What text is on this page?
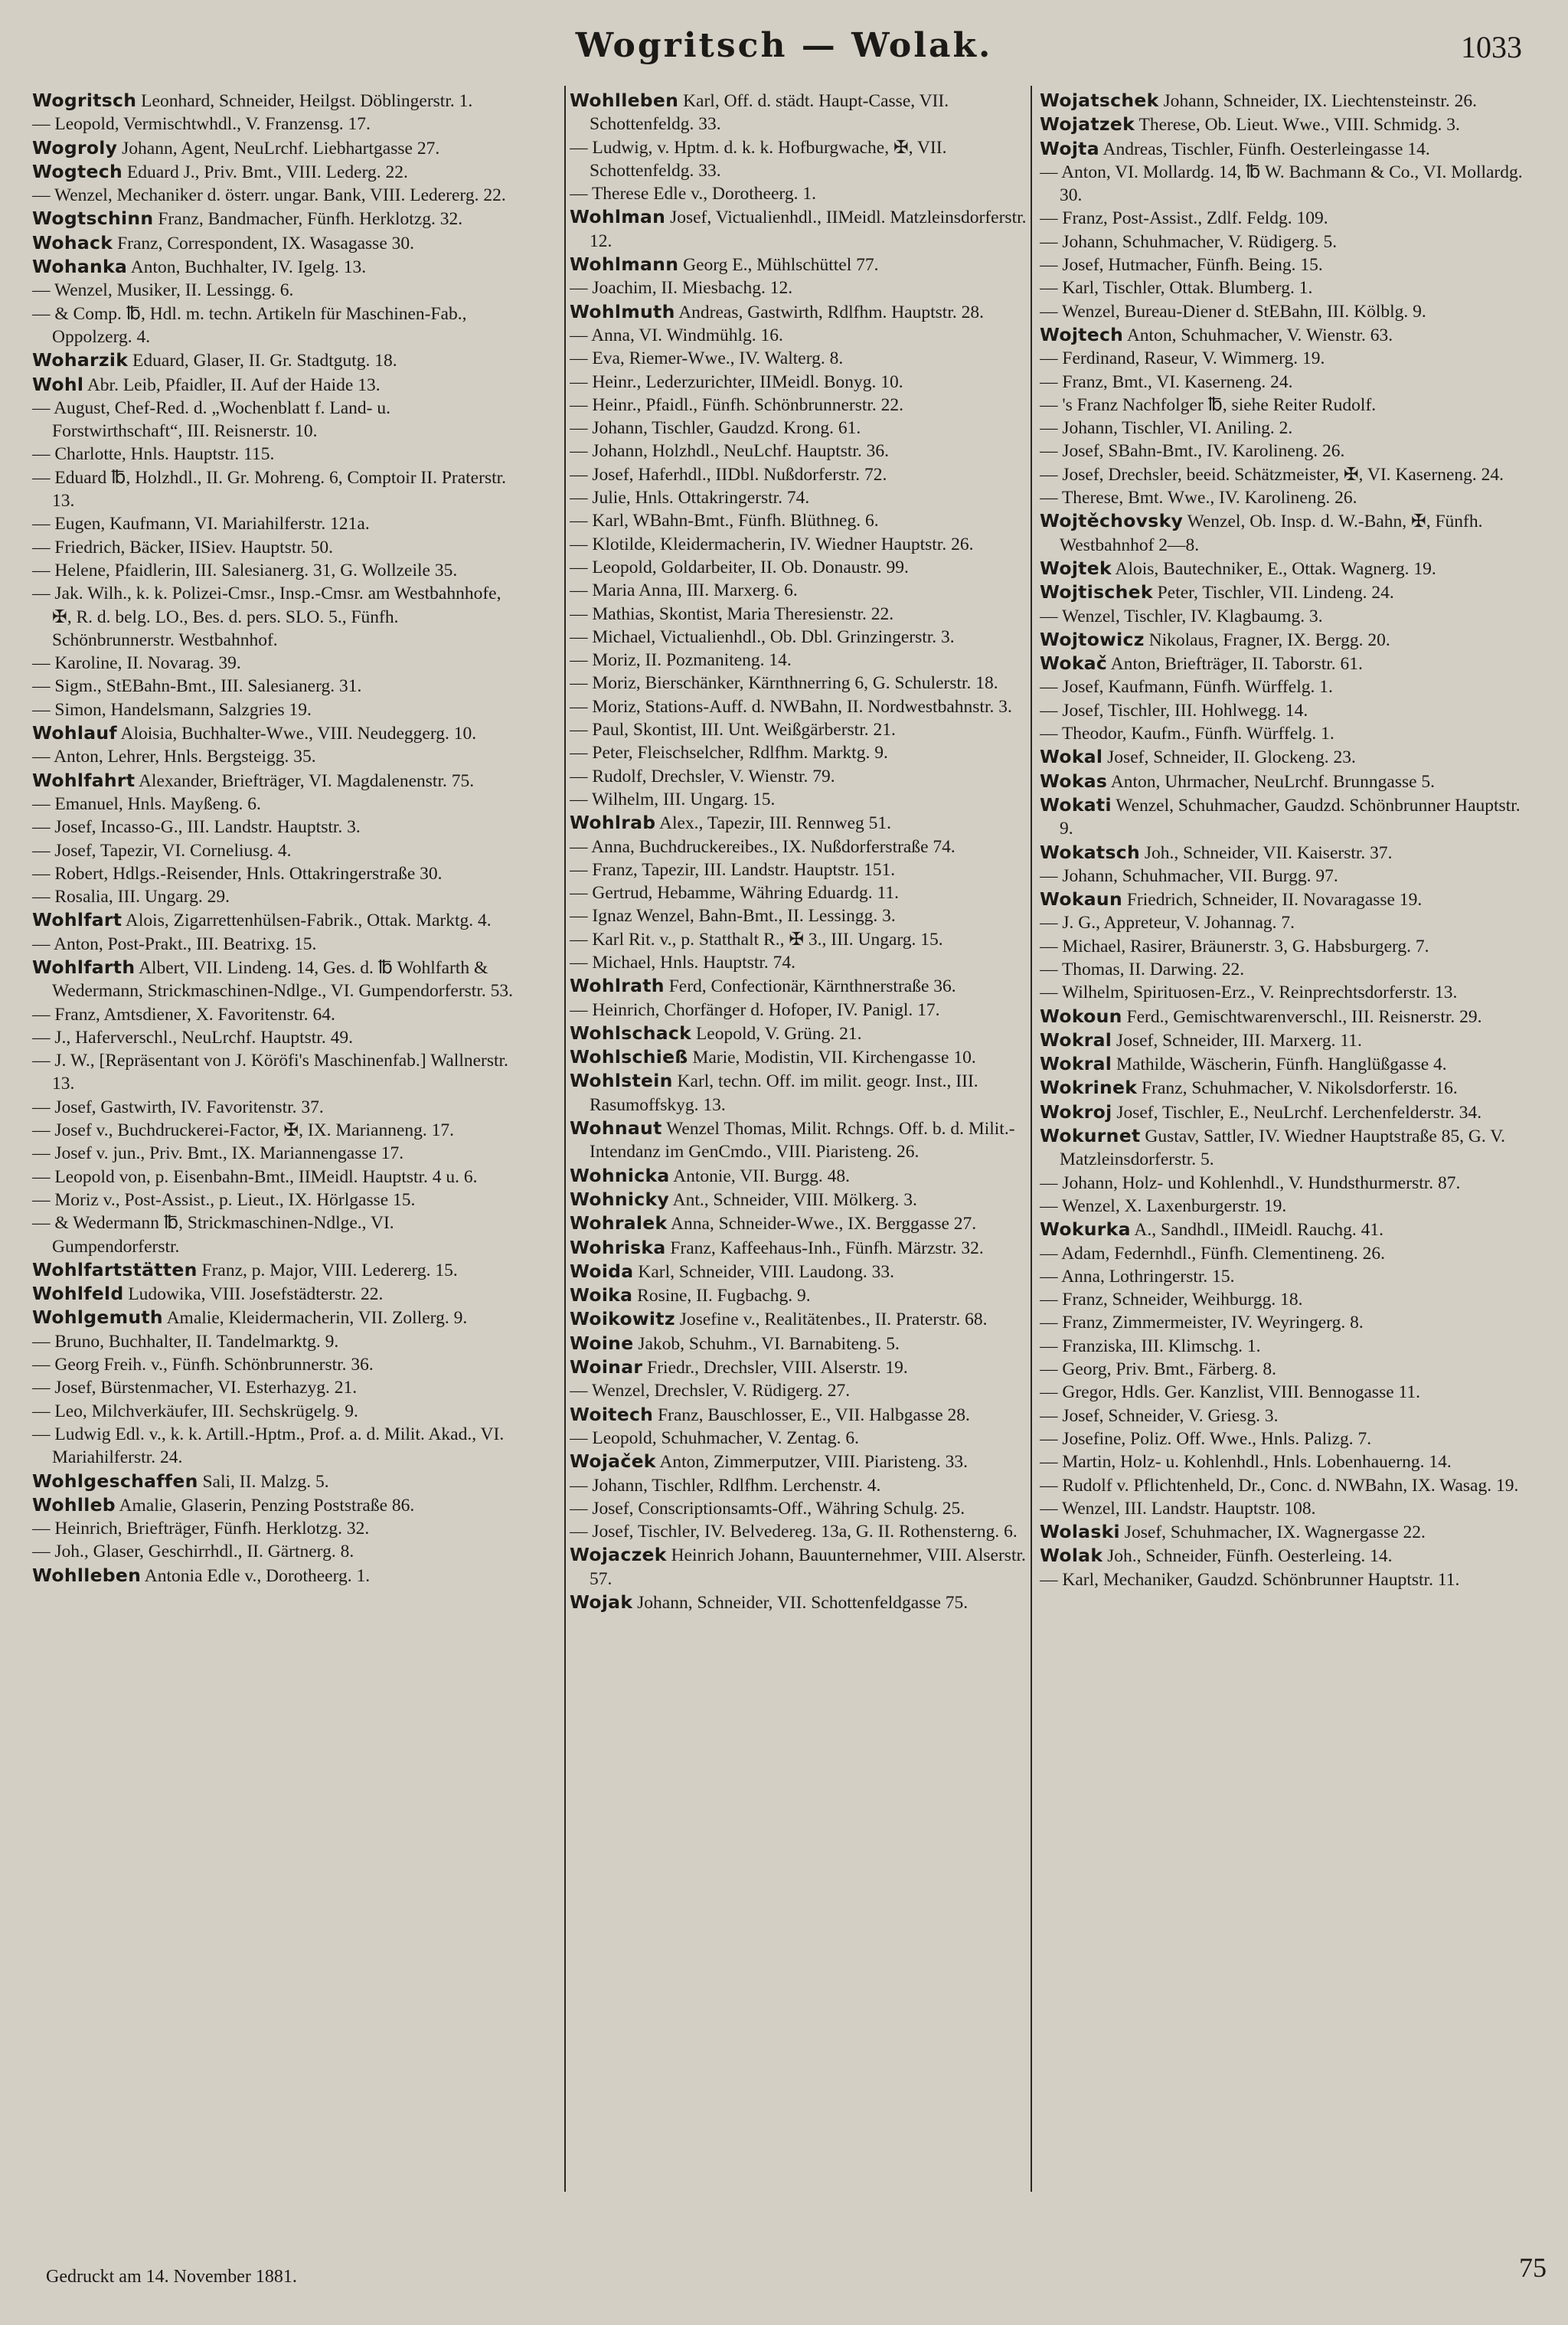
Wogritsch — Wolak.	1033

Wogritsch Leonhard, Schneider, Heilgst. Döblingerstr. 1.

— Leopold, Vermischtwhdl., V. Franzensg. 17.

Wogroly Johann, Agent, NeuLrchf. Liebhartgasse 27.

Wogtech Eduard J., Priv. Bmt., VIII. Lederg. 22.

— Wenzel, Mechaniker d. österr. ungar. Bank, VIII. Ledererg. 22.

Wogtschinn Franz, Bandmacher, Fünfh. Herklotzg. 32.

Wohack Franz, Correspondent, IX. Wasagasse 30.

Wohanka Anton, Buchhalter, IV. Igelg. 13.

— Wenzel, Musiker, II. Lessingg. 6.

— & Comp. ℔, Hdl. m. techn. Artikeln für Maschinen-Fab., Oppolzerg. 4.

Woharzik Eduard, Glaser, II. Gr. Stadtgutg. 18.

Wohl Abr. Leib, Pfaidler, II. Auf der Haide 13.

— August, Chef-Red. d. „Wochenblatt f. Land- u. Forstwirthschaft“, III. Reisnerstr. 10.

— Charlotte, Hnls. Hauptstr. 115.

— Eduard ℔, Holzhdl., II. Gr. Mohreng. 6, Comptoir II. Praterstr. 13.

— Eugen, Kaufmann, VI. Mariahilferstr. 121a.

— Friedrich, Bäcker, IISiev. Hauptstr. 50.

— Helene, Pfaidlerin, III. Salesianerg. 31, G. Wollzeile 35.

— Jak. Wilh., k. k. Polizei-Cmsr., Insp.-Cmsr. am Westbahnhofe, ✠, R. d. belg. LO., Bes. d. pers. SLO. 5., Fünfh. Schönbrunnerstr. Westbahnhof.

— Karoline, II. Novarag. 39.

— Sigm., StEBahn-Bmt., III. Salesianerg. 31.

— Simon, Handelsmann, Salzgries 19.

Wohlauf Aloisia, Buchhalter-Wwe., VIII. Neudeggerg. 10.

— Anton, Lehrer, Hnls. Bergsteigg. 35.

Wohlfahrt Alexander, Briefträger, VI. Magdalenenstr. 75.

— Emanuel, Hnls. Mayßeng. 6.

— Josef, Incasso-G., III. Landstr. Hauptstr. 3.

— Josef, Tapezir, VI. Corneliusg. 4.

— Robert, Hdlgs.-Reisender, Hnls. Ottakringerstraße 30.

— Rosalia, III. Ungarg. 29.

Wohlfart Alois, Zigarrettenhülsen-Fabrik., Ottak. Marktg. 4.

— Anton, Post-Prakt., III. Beatrixg. 15.

Wohlfarth Albert, VII. Lindeng. 14, Ges. d. ℔ Wohlfarth & Wedermann, Strickmaschinen-Ndlge., VI. Gumpendorferstr. 53.

— Franz, Amtsdiener, X. Favoritenstr. 64.

— J., Haferverschl., NeuLrchf. Hauptstr. 49.

— J. W., [Repräsentant von J. Köröfi's Maschinenfab.] Wallnerstr. 13.

— Josef, Gastwirth, IV. Favoritenstr. 37.

— Josef v., Buchdruckerei-Factor, ✠, IX. Marianneng. 17.

— Josef v. jun., Priv. Bmt., IX. Mariannengasse 17.

— Leopold von, p. Eisenbahn-Bmt., IIMeidl. Hauptstr. 4 u. 6.

— Moriz v., Post-Assist., p. Lieut., IX. Hörlgasse 15.

— & Wedermann ℔, Strickmaschinen-Ndlge., VI. Gumpendorferstr.

Wohlfartstätten Franz, p. Major, VIII. Ledererg. 15.

Wohlfeld Ludowika, VIII. Josefstädterstr. 22.

Wohlgemuth Amalie, Kleidermacherin, VII. Zollerg. 9.

— Bruno, Buchhalter, II. Tandelmarktg. 9.

— Georg Freih. v., Fünfh. Schönbrunnerstr. 36.

— Josef, Bürstenmacher, VI. Esterhazyg. 21.

— Leo, Milchverkäufer, III. Sechskrügelg. 9.

— Ludwig Edl. v., k. k. Artill.-Hptm., Prof. a. d. Milit. Akad., VI. Mariahilferstr. 24.

Wohlgeschaffen Sali, II. Malzg. 5.

Wohlleb Amalie, Glaserin, Penzing Poststraße 86.

— Heinrich, Briefträger, Fünfh. Herklotzg. 32.

— Joh., Glaser, Geschirrhdl., II. Gärtnerg. 8.

Wohlleben Antonia Edle v., Dorotheerg. 1.

Wohlleben Karl, Off. d. städt. Haupt-Casse, VII. Schottenfeldg. 33.

— Ludwig, v. Hptm. d. k. k. Hofburgwache, ✠, VII. Schottenfeldg. 33.

— Therese Edle v., Dorotheerg. 1.

Wohlman Josef, Victualienhdl., IIMeidl. Matzleinsdorferstr. 12.

Wohlmann Georg E., Mühlschüttel 77.

— Joachim, II. Miesbachg. 12.

Wohlmuth Andreas, Gastwirth, Rdlfhm. Hauptstr. 28.

— Anna, VI. Windmühlg. 16.

— Eva, Riemer-Wwe., IV. Walterg. 8.

— Heinr., Lederzurichter, IIMeidl. Bonyg. 10.

— Heinr., Pfaidl., Fünfh. Schönbrunnerstr. 22.

— Johann, Tischler, Gaudzd. Krong. 61.

— Johann, Holzhdl., NeuLchf. Hauptstr. 36.

— Josef, Haferhdl., IIDbl. Nußdorferstr. 72.

— Julie, Hnls. Ottakringerstr. 74.

— Karl, WBahn-Bmt., Fünfh. Blüthneg. 6.

— Klotilde, Kleidermacherin, IV. Wiedner Hauptstr. 26.

— Leopold, Goldarbeiter, II. Ob. Donaustr. 99.

— Maria Anna, III. Marxerg. 6.

— Mathias, Skontist, Maria Theresienstr. 22.

— Michael, Victualienhdl., Ob. Dbl. Grinzingerstr. 3.

— Moriz, II. Pozmaniteng. 14.

— Moriz, Bierschänker, Kärnthnerring 6, G. Schulerstr. 18.

— Moriz, Stations-Auff. d. NWBahn, II. Nordwestbahnstr. 3.

— Paul, Skontist, III. Unt. Weißgärberstr. 21.

— Peter, Fleischselcher, Rdlfhm. Marktg. 9.

— Rudolf, Drechsler, V. Wienstr. 79.

— Wilhelm, III. Ungarg. 15.

Wohlrab Alex., Tapezir, III. Rennweg 51.

— Anna, Buchdruckereibes., IX. Nußdorferstraße 74.

— Franz, Tapezir, III. Landstr. Hauptstr. 151.

— Gertrud, Hebamme, Währing Eduardg. 11.

— Ignaz Wenzel, Bahn-Bmt., II. Lessingg. 3.

— Karl Rit. v., p. Statthalt R., ✠ 3., III. Ungarg. 15.

— Michael, Hnls. Hauptstr. 74.

Wohlrath Ferd, Confectionär, Kärnthnerstraße 36.

— Heinrich, Chorfänger d. Hofoper, IV. Panigl. 17.

Wohlschack Leopold, V. Grüng. 21.

Wohlschieß Marie, Modistin, VII. Kirchengasse 10.

Wohlstein Karl, techn. Off. im milit. geogr. Inst., III. Rasumoffskyg. 13.

Wohnaut Wenzel Thomas, Milit. Rchngs. Off. b. d. Milit.-Intendanz im GenCmdo., VIII. Piaristeng. 26.

Wohnicka Antonie, VII. Burgg. 48.

Wohnicky Ant., Schneider, VIII. Mölkerg. 3.

Wohralek Anna, Schneider-Wwe., IX. Berggasse 27.

Wohriska Franz, Kaffeehaus-Inh., Fünfh. Märzstr. 32.

Woida Karl, Schneider, VIII. Laudong. 33.

Woika Rosine, II. Fugbachg. 9.

Woikowitz Josefine v., Realitätenbes., II. Praterstr. 68.

Woine Jakob, Schuhm., VI. Barnabiteng. 5.

Woinar Friedr., Drechsler, VIII. Alserstr. 19.

— Wenzel, Drechsler, V. Rüdigerg. 27.

Woitech Franz, Bauschlosser, E., VII. Halbgasse 28.

— Leopold, Schuhmacher, V. Zentag. 6.

Wojaček Anton, Zimmerputzer, VIII. Piaristeng. 33.

— Johann, Tischler, Rdlfhm. Lerchenstr. 4.

— Josef, Conscriptionsamts-Off., Währing Schulg. 25.

— Josef, Tischler, IV. Belvedereg. 13a, G. II. Rothensterng. 6.

Wojaczek Heinrich Johann, Bauunternehmer, VIII. Alserstr. 57.

Wojak Johann, Schneider, VII. Schottenfeldgasse 75.

Wojatschek Johann, Schneider, IX. Liechtensteinstr. 26.

Wojatzek Therese, Ob. Lieut. Wwe., VIII. Schmidg. 3.

Wojta Andreas, Tischler, Fünfh. Oesterleingasse 14.

— Anton, VI. Mollardg. 14, ℔ W. Bachmann & Co., VI. Mollardg. 30.

— Franz, Post-Assist., Zdlf. Feldg. 109.

— Johann, Schuhmacher, V. Rüdigerg. 5.

— Josef, Hutmacher, Fünfh. Being. 15.

— Karl, Tischler, Ottak. Blumberg. 1.

— Wenzel, Bureau-Diener d. StEBahn, III. Kölblg. 9.

Wojtech Anton, Schuhmacher, V. Wienstr. 63.

— Ferdinand, Raseur, V. Wimmerg. 19.

— Franz, Bmt., VI. Kaserneng. 24.

— 's Franz Nachfolger ℔, siehe Reiter Rudolf.

— Johann, Tischler, VI. Aniling. 2.

— Josef, SBahn-Bmt., IV. Karolineng. 26.

— Josef, Drechsler, beeid. Schätzmeister, ✠, VI. Kaserneng. 24.

— Therese, Bmt. Wwe., IV. Karolineng. 26.

Wojtěchovsky Wenzel, Ob. Insp. d. W.-Bahn, ✠, Fünfh. Westbahnhof 2—8.

Wojtek Alois, Bautechniker, E., Ottak. Wagnerg. 19.

Wojtischek Peter, Tischler, VII. Lindeng. 24.

— Wenzel, Tischler, IV. Klagbaumg. 3.

Wojtowicz Nikolaus, Fragner, IX. Bergg. 20.

Wokač Anton, Briefträger, II. Taborstr. 61.

— Josef, Kaufmann, Fünfh. Würffelg. 1.

— Josef, Tischler, III. Hohlwegg. 14.

— Theodor, Kaufm., Fünfh. Würffelg. 1.

Wokal Josef, Schneider, II. Glockeng. 23.

Wokas Anton, Uhrmacher, NeuLrchf. Brunngasse 5.

Wokati Wenzel, Schuhmacher, Gaudzd. Schönbrunner Hauptstr. 9.

Wokatsch Joh., Schneider, VII. Kaiserstr. 37.

— Johann, Schuhmacher, VII. Burgg. 97.

Wokaun Friedrich, Schneider, II. Novaragasse 19.

— J. G., Appreteur, V. Johannag. 7.

— Michael, Rasirer, Bräunerstr. 3, G. Habsburgerg. 7.

— Thomas, II. Darwing. 22.

— Wilhelm, Spirituosen-Erz., V. Reinprechtsdorferstr. 13.

Wokoun Ferd., Gemischtwarenverschl., III. Reisnerstr. 29.

Wokral Josef, Schneider, III. Marxerg. 11.

Wokral Mathilde, Wäscherin, Fünfh. Hanglüßgasse 4.

Wokrinek Franz, Schuhmacher, V. Nikolsdorferstr. 16.

Wokroj Josef, Tischler, E., NeuLrchf. Lerchenfelderstr. 34.

Wokurnet Gustav, Sattler, IV. Wiedner Hauptstraße 85, G. V. Matzleinsdorferstr. 5.

— Johann, Holz- und Kohlenhdl., V. Hundsthurmerstr. 87.

— Wenzel, X. Laxenburgerstr. 19.

Wokurka A., Sandhdl., IIMeidl. Rauchg. 41.

— Adam, Federnhdl., Fünfh. Clementineng. 26.

— Anna, Lothringerstr. 15.

— Franz, Schneider, Weihburgg. 18.

— Franz, Zimmermeister, IV. Weyringerg. 8.

— Franziska, III. Klimschg. 1.

— Georg, Priv. Bmt., Färberg. 8.

— Gregor, Hdls. Ger. Kanzlist, VIII. Bennogasse 11.

— Josef, Schneider, V. Griesg. 3.

— Josefine, Poliz. Off. Wwe., Hnls. Palizg. 7.

— Martin, Holz- u. Kohlenhdl., Hnls. Lobenhauerng. 14.

— Rudolf v. Pflichtenheld, Dr., Conc. d. NWBahn, IX. Wasag. 19.

— Wenzel, III. Landstr. Hauptstr. 108.

Wolaski Josef, Schuhmacher, IX. Wagnergasse 22.

Wolak Joh., Schneider, Fünfh. Oesterleing. 14.

— Karl, Mechaniker, Gaudzd. Schönbrunner Hauptstr. 11.

Gedruckt am 14. November 1881.	75
